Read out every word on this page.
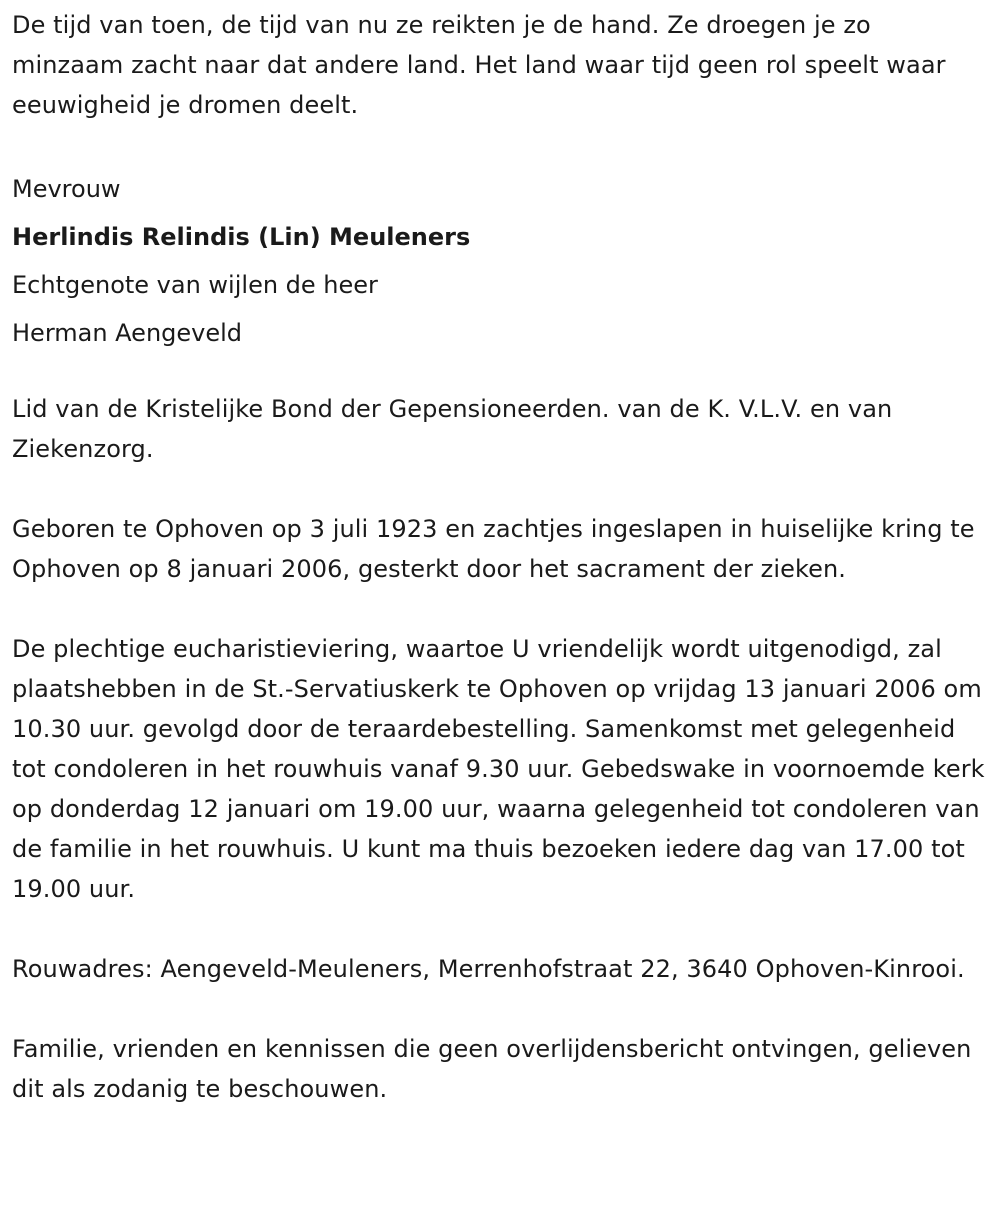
De tijd van toen, de tijd van nu ze reikten je de hand. Ze droegen je zo minzaam zacht naar dat andere land. Het land waar tijd geen rol speelt waar eeuwigheid je dromen deelt.

Mevrouw

Herlindis Relindis (Lin) Meuleners

Echtgenote van wijlen de heer

Herman Aengeveld

Lid van de Kristelijke Bond der Gepensioneerden. van de K. V.L.V. en van Ziekenzorg.

Geboren te Ophoven op 3 juli 1923 en zachtjes ingeslapen in huiselijke kring te Ophoven op 8 januari 2006, gesterkt door het sacrament der zieken.

De plechtige eucharistieviering, waartoe U vriendelijk wordt uitgenodigd, zal plaatshebben in de St.-Servatiuskerk te Ophoven op vrijdag 13 januari 2006 om 10.30 uur. gevolgd door de teraardebestelling. Samenkomst met gelegenheid tot condoleren in het rouwhuis vanaf 9.30 uur. Gebedswake in voornoemde kerk op donderdag 12 januari om 19.00 uur, waarna gelegenheid tot condoleren van de familie in het rouwhuis. U kunt ma thuis bezoeken iedere dag van 17.00 tot 19.00 uur.

Rouwadres: Aengeveld-Meuleners, Merrenhofstraat 22, 3640 Ophoven-Kinrooi.

Familie, vrienden en kennissen die geen overlijdensbericht ontvingen, gelieven dit als zodanig te beschouwen.
